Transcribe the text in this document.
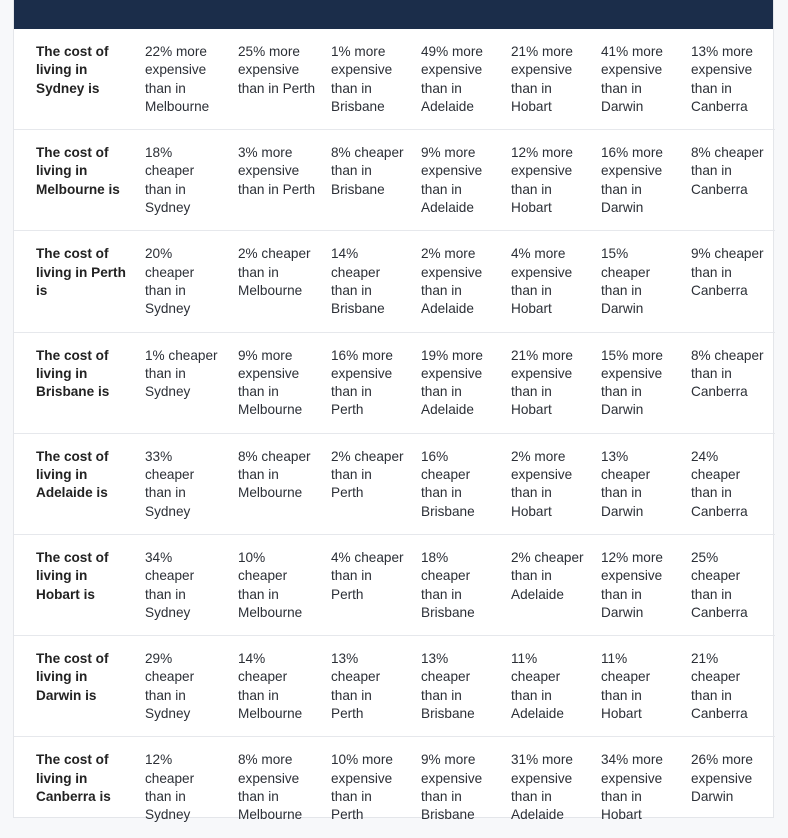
The cost of living in Sydney is	22% more expensive than in Melbourne	25% more expensive than in Perth	1% more expensive than in Brisbane	49% more expensive than in Adelaide	21% more expensive than in Hobart	41% more expensive than in Darwin	13% more expensive than in Canberra
The cost of living in Melbourne is	18% cheaper than in Sydney	3% more expensive than in Perth	8% cheaper than in Brisbane	9% more expensive than in Adelaide	12% more expensive than in Hobart	16% more expensive than in Darwin	8% cheaper than in Canberra
The cost of living in Perth is	20% cheaper than in Sydney	2% cheaper than in Melbourne	14% cheaper than in Brisbane	2% more expensive than in Adelaide	4% more expensive than in Hobart	15% cheaper than in Darwin	9% cheaper than in Canberra
The cost of living in Brisbane is	1% cheaper than in Sydney	9% more expensive than in Melbourne	16% more expensive than in Perth	19% more expensive than in Adelaide	21% more expensive than in Hobart	15% more expensive than in Darwin	8% cheaper than in Canberra
The cost of living in Adelaide is	33% cheaper than in Sydney	8% cheaper than in Melbourne	2% cheaper than in Perth	16% cheaper than in Brisbane	2% more expensive than in Hobart	13% cheaper than in Darwin	24% cheaper than in Canberra
The cost of living in Hobart is	34% cheaper than in Sydney	10% cheaper than in Melbourne	4% cheaper than in Perth	18% cheaper than in Brisbane	2% cheaper than in Adelaide	12% more expensive than in Darwin	25% cheaper than in Canberra
The cost of living in Darwin is	29% cheaper than in Sydney	14% cheaper than in Melbourne	13% cheaper than in Perth	13% cheaper than in Brisbane	11% cheaper than in Adelaide	11% cheaper than in Hobart	21% cheaper than in Canberra
The cost of living in Canberra is	12% cheaper than in Sydney	8% more expensive than in Melbourne	10% more expensive than in Perth	9% more expensive than in Brisbane	31% more expensive than in Adelaide	34% more expensive than in Hobart	26% more expensive Darwin
